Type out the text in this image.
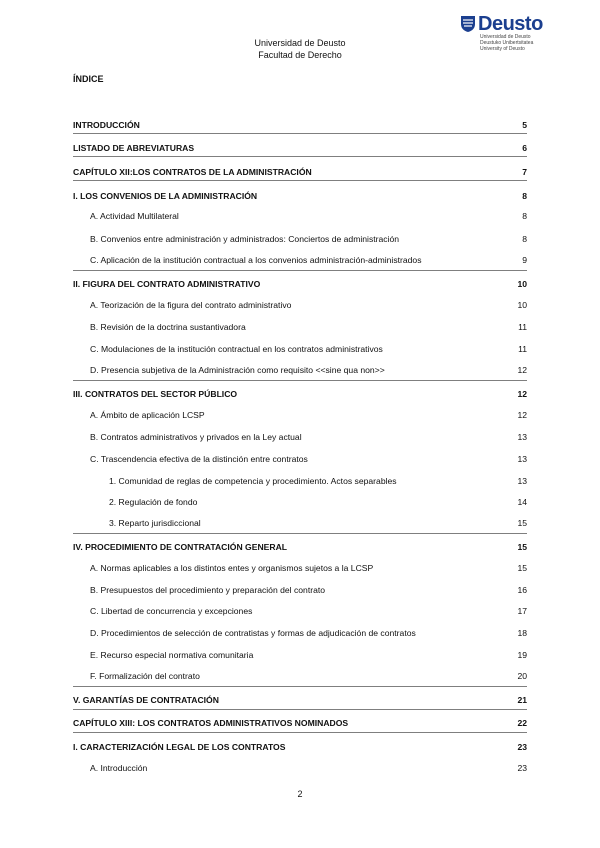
Universidad de Deusto
Facultad de Derecho
Deusto
Universidad de Deusto
Deustuko Unibertsitatea
University of Deusto
ÍNDICE
INTRODUCCIÓN	5
LISTADO DE ABREVIATURAS	6
CAPÍTULO XII:LOS CONTRATOS DE LA ADMINISTRACIÓN	7
I. LOS CONVENIOS DE LA ADMINISTRACIÓN	8
A. Actividad Multilateral	8
B. Convenios entre administración y administrados: Conciertos de administración	8
C. Aplicación de la institución contractual a los convenios administración-administrados	9
II. FIGURA DEL CONTRATO ADMINISTRATIVO	10
A. Teorización de la figura del contrato administrativo	10
B. Revisión de la doctrina sustantivadora	11
C. Modulaciones de la institución contractual en los contratos administrativos	11
D. Presencia subjetiva de la Administración como requisito <<sine qua non>>	12
III. CONTRATOS DEL SECTOR PÚBLICO	12
A. Ámbito de aplicación LCSP	12
B. Contratos administrativos y privados en la Ley actual	13
C. Trascendencia efectiva de la distinción entre contratos	13
1. Comunidad de reglas de competencia y procedimiento. Actos separables	13
2. Regulación de fondo	14
3. Reparto jurisdiccional	15
IV. PROCEDIMIENTO DE CONTRATACIÓN GENERAL	15
A. Normas aplicables a los distintos entes y organismos sujetos a la LCSP	15
B. Presupuestos del procedimiento y preparación del contrato	16
C. Libertad de concurrencia y excepciones	17
D. Procedimientos de selección de contratistas y formas de adjudicación de contratos	18
E. Recurso especial normativa comunitaria	19
F. Formalización del contrato	20
V. GARANTÍAS DE CONTRATACIÓN	21
CAPÍTULO XIII: LOS CONTRATOS ADMINISTRATIVOS NOMINADOS	22
I. CARACTERIZACIÓN LEGAL DE LOS CONTRATOS	23
A. Introducción	23
2
